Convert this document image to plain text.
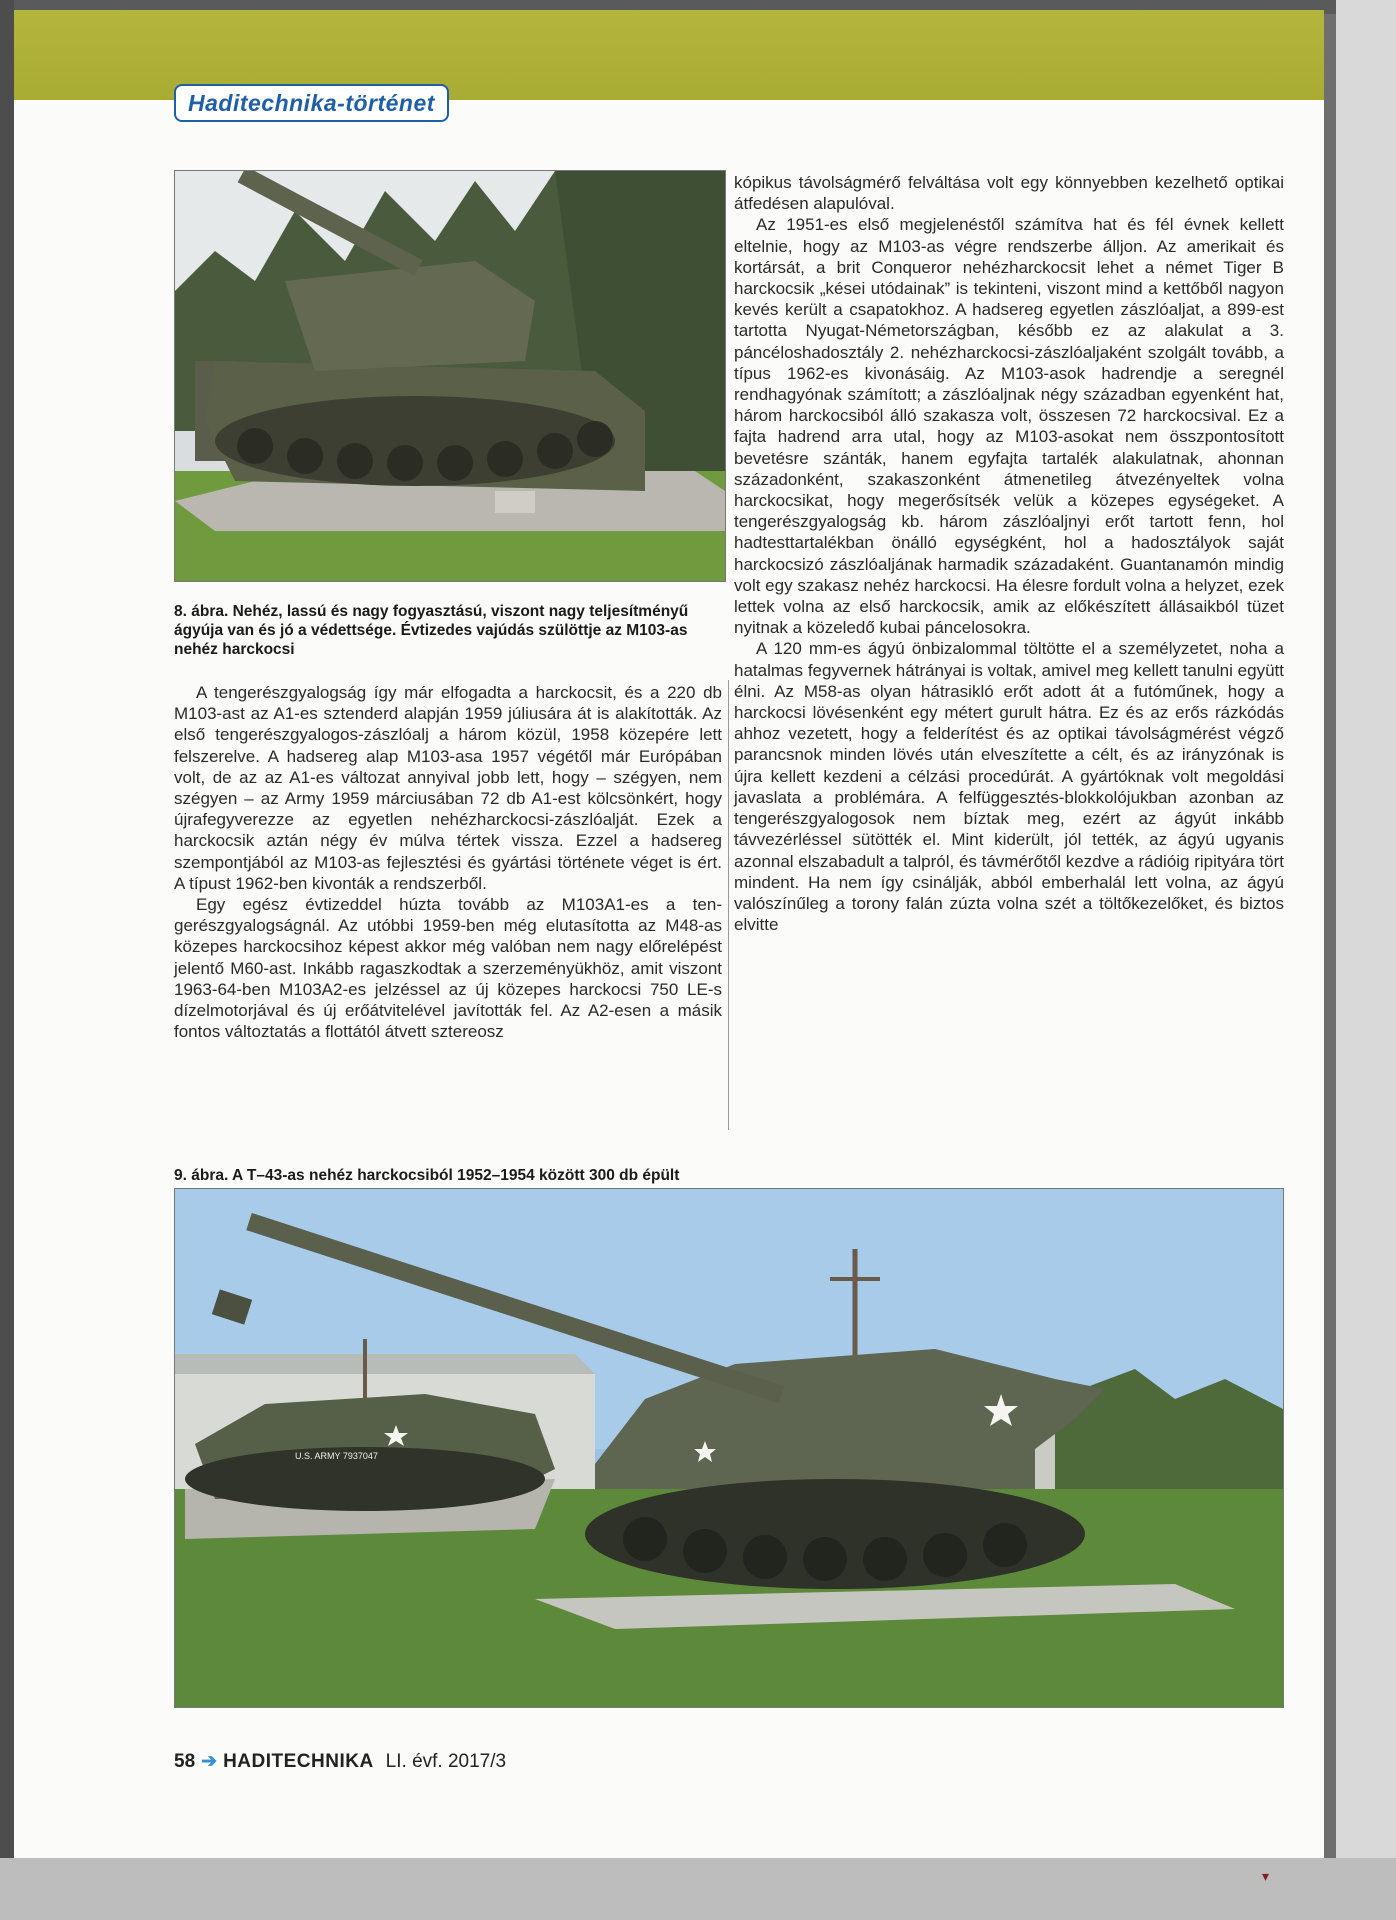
Haditechnika-történet
8. ábra. Nehéz, lassú és nagy fogyasztású, viszont nagy teljesítményű ágyúja van és jó a védettsége. Évtizedes vajúdás szülöttje az M103-as nehéz harckocsi

A tengerészgyalogság így már elfogadta a harckocsit, és a 220 db M103-ast az A1-es sztenderd alapján 1959 júliusára át is alakították. Az első tengerészgyalogos-zászlóalj a három közül, 1958 közepére lett felszerelve. A hadsereg alap M103-asa 1957 végétől már Európában volt, de az az A1-es változat annyival jobb lett, hogy – szégyen, nem szégyen – az Army 1959 márciusában 72 db A1-est kölcsönkért, hogy újrafegyverezze az egyetlen nehézharckocsi-zászlóalját. Ezek a harckocsik aztán négy év múlva tértek vissza. Ezzel a hadsereg szempontjából az M103-as fejlesztési és gyártási története véget is ért. A típust 1962-ben kivonták a rendszerből.

Egy egész évtizeddel húzta tovább az M103A1-es a tengerészgyalogságnál. Az utóbbi 1959-ben még elutasította az M48-as közepes harckocsihoz képest akkor még valóban nem nagy előrelépést jelentő M60-ast. Inkább ragaszkodtak a szerzeményükhöz, amit viszont 1963-64-ben M103A2-es jelzéssel az új közepes harckocsi 750 LE-s dízelmotorjával és új erőátvitelével javították fel. Az A2-esen a másik fontos változtatás a flottától átvett sztereosz

kópikus távolságmérő felváltása volt egy könnyebben kezelhető optikai átfedésen alapulóval.

Az 1951-es első megjelenéstől számítva hat és fél évnek kellett eltelnie, hogy az M103-as végre rendszerbe álljon. Az amerikait és kortársát, a brit Conqueror nehézharckocsit lehet a német Tiger B harckocsik „kései utódainak” is tekinteni, viszont mind a kettőből nagyon kevés került a csapatokhoz. A hadsereg egyetlen zászlóaljat, a 899-est tartotta Nyugat-Németországban, később ez az alakulat a 3. páncéloshadosztály 2. nehézharckocsi-zászlóaljaként szolgált tovább, a típus 1962-es kivonásáig. Az M103-asok hadrendje a seregnél rendhagyónak számított; a zászlóaljnak négy században egyenként hat, három harckocsiból álló szakasza volt, összesen 72 harckocsival. Ez a fajta hadrend arra utal, hogy az M103-asokat nem összpontosított bevetésre szánták, hanem egyfajta tartalék alakulatnak, ahonnan századonként, szakaszonként átmenetileg átvezényeltek volna harckocsikat, hogy megerősítsék velük a közepes egységeket. A tengerészgyalogság kb. három zászlóaljnyi erőt tartott fenn, hol hadtesttartalékban önálló egységként, hol a hadosztályok saját harckocsizó zászlóaljának harmadik századaként. Guantanamón mindig volt egy szakasz nehéz harckocsi. Ha élesre fordult volna a helyzet, ezek lettek volna az első harckocsik, amik az előkészített állásaikból tüzet nyitnak a közeledő kubai páncelosokra.

A 120 mm-es ágyú önbizalommal töltötte el a személyzetet, noha a hatalmas fegyvernek hátrányai is voltak, amivel meg kellett tanulni együtt élni. Az M58-as olyan hátrasikló erőt adott át a futóműnek, hogy a harckocsi lövésenként egy métert gurult hátra. Ez és az erős rázkódás ahhoz vezetett, hogy a felderítést és az optikai távolságmérést végző parancsnok minden lövés után elveszítette a célt, és az irányzónak is újra kellett kezdeni a célzási procedúrát. A gyártóknak volt megoldási javaslata a problémára. A felfüggesztés-blokkolójukban azonban az tengerészgyalogosok nem bíztak meg, ezért az ágyút inkább távvezérléssel sütötték el. Mint kiderült, jól tették, az ágyú ugyanis azonnal elszabadult a talpról, és távmérőtől kezdve a rádióig ripityára tört mindent. Ha nem így csinálják, abból emberhalál lett volna, az ágyú valószínűleg a torony falán zúzta volna szét a töltőkezelőket, és biztos elvitte

9. ábra. A T–43-as nehéz harckocsiból 1952–1954 között 300 db épült
U.S. ARMY 7937047
58 ➔ HADITECHNIKA LI. évf. 2017/3
▾
